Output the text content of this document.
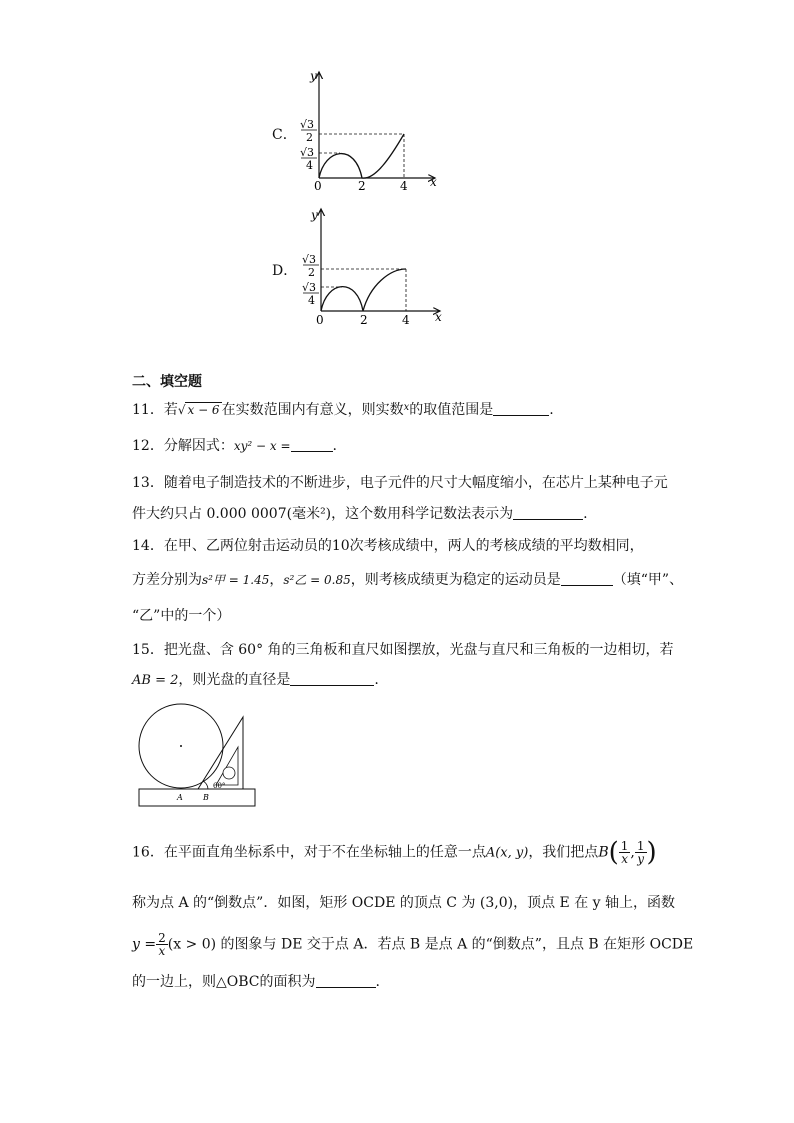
C．
y
x
√3
2
√3
4
0	2	4
D．
y
x
√3
2
√3
4
0	2	4
二、填空题
11．若√ x − 6 在实数范围内有意义，则实数$^x$的取值范围是	.
12．分解因式：xy² − x =	.
13．随着电子制造技术的不断进步，电子元件的尺寸大幅度缩小，在芯片上某种电子元
件大约只占 0.000 0007(毫米²)，这个数用科学记数法表示为	.
14．在甲、乙两位射击运动员的10次考核成绩中，两人的考核成绩的平均数相同，
方差分别为s²甲 = 1.45，s²乙 = 0.85，则考核成绩更为稳定的运动员是	（填“甲”、
“乙”中的一个）
15．把光盘、含 60° 角的三角板和直尺如图摆放，光盘与直尺和三角板的一边相切，若
AB = 2，则光盘的直径是	.
A	B
60°
16．在平面直角坐标系中，对于不在坐标轴上的任意一点A(x, y)，我们把点$B( \frac{1}{x}$ , $\frac{1}{y}$ )
称为点 A 的“倒数点”．如图，矩形 OCDE 的顶点 C 为 (3,0)，顶点 E 在 y 轴上，函数
$y = \frac{2}{x} (x > 0)$ 的图象与 DE 交于点 A．若点 B 是点 A 的“倒数点”，且点 B 在矩形 OCDE
的一边上，则△OBC的面积为	.
